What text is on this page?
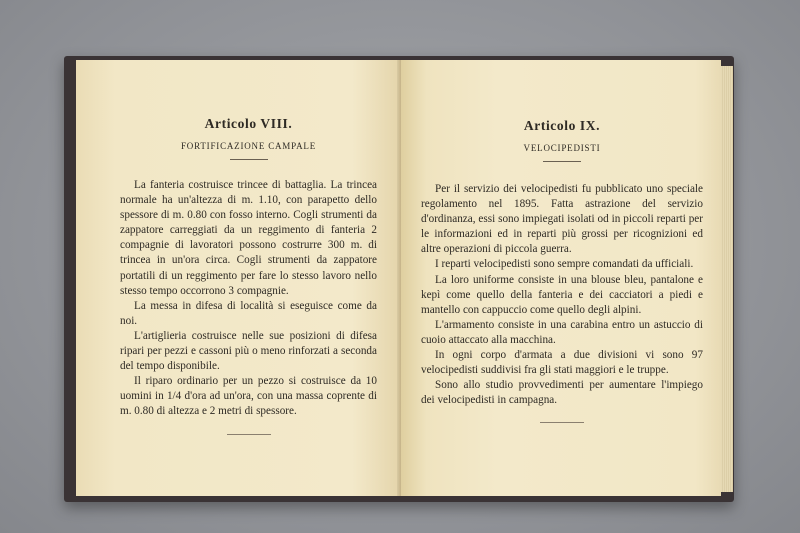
Articolo VIII.
FORTIFICAZIONE CAMPALE

La fanteria costruisce trincee di battaglia. La trincea normale ha un'altezza di m. 1.10, con parapetto dello spessore di m. 0.80 con fosso interno. Cogli strumenti da zappatore carreggiati da un reggimento di fanteria 2 compagnie di lavoratori possono costrurre 300 m. di trincea in un'ora circa. Cogli strumenti da zappatore portatili di un reggimento per fare lo stesso lavoro nello stesso tempo occorrono 3 compagnie.

La messa in difesa di località si eseguisce come da noi.

L'artiglieria costruisce nelle sue posizioni di difesa ripari per pezzi e cassoni più o meno rinforzati a seconda del tempo disponibile.

Il riparo ordinario per un pezzo si costruisce da 10 uomini in 1/4 d'ora ad un'ora, con una massa coprente di m. 0.80 di altezza e 2 metri di spessore.

Articolo IX.
VELOCIPEDISTI

Per il servizio dei velocipedisti fu pubblicato uno speciale regolamento nel 1895. Fatta astrazione del servizio d'ordinanza, essi sono impiegati isolati od in piccoli reparti per le informazioni ed in reparti più grossi per ricognizioni ed altre operazioni di piccola guerra.

I reparti velocipedisti sono sempre comandati da ufficiali.

La loro uniforme consiste in una blouse bleu, pantalone e kepì come quello della fanteria e dei cacciatori a piedi e mantello con cappuccio come quello degli alpini.

L'armamento consiste in una carabina entro un astuccio di cuoio attaccato alla macchina.

In ogni corpo d'armata a due divisioni vi sono 97 velocipedisti suddivisi fra gli stati maggiori e le truppe.

Sono allo studio provvedimenti per aumentare l'impiego dei velocipedisti in campagna.
